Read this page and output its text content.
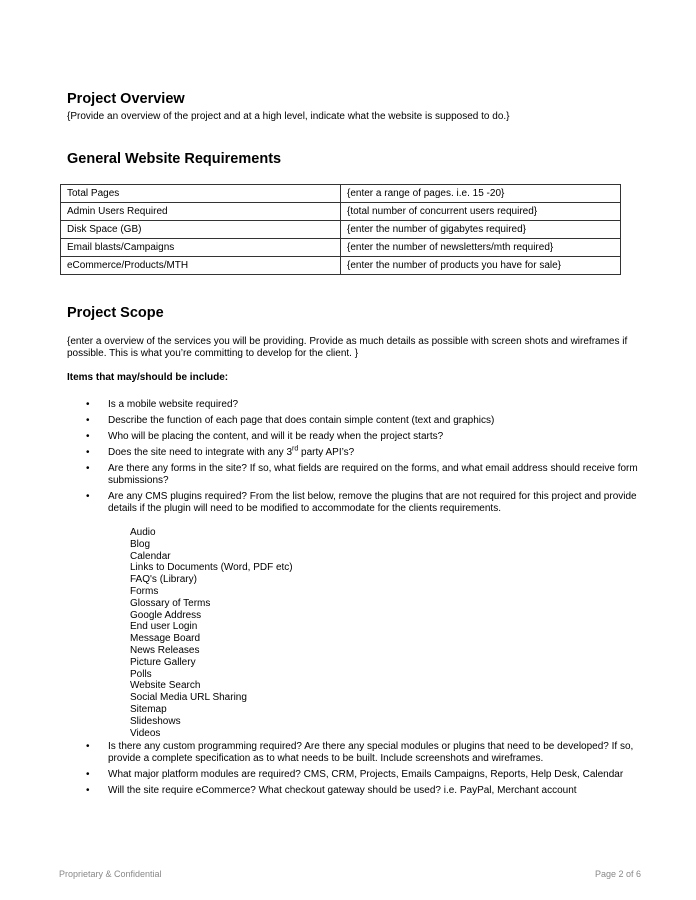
Project Overview

{Provide an overview of the project and at a high level, indicate what the website is supposed to do.}

General Website Requirements
Total Pages	{enter a range of pages. i.e. 15 -20}
Admin Users Required	{total number of concurrent users required}
Disk Space (GB)	{enter the number of gigabytes required}
Email blasts/Campaigns	{enter the number of newsletters/mth required}
eCommerce/Products/MTH	{enter the number of products you have for sale}
Project Scope

{enter a overview of the services you will be providing. Provide as much details as possible with screen shots and wireframes if possible. This is what you’re committing to develop for the client. }

Items that may/should be include:

• Is a mobile website required?
• Describe the function of each page that does contain simple content (text and graphics)
• Who will be placing the content, and will it be ready when the project starts?
• Does the site need to integrate with any 3rd party API’s?
• Are there any forms in the site? If so, what fields are required on the forms, and what email address should receive form submissions?
• Are any CMS plugins required? From the list below, remove the plugins that are not required for this project and provide details if the plugin will need to be modified to accommodate for the clients requirements.
Audio
Blog
Calendar
Links to Documents (Word, PDF etc)
FAQ's (Library)
Forms
Glossary of Terms
Google Address
End user Login
Message Board
News Releases
Picture Gallery
Polls
Website Search
Social Media URL Sharing
Sitemap
Slideshows
Videos
• Is there any custom programming required? Are there any special modules or plugins that need to be developed? If so, provide a complete specification as to what needs to be built. Include screenshots and wireframes.
• What major platform modules are required? CMS, CRM, Projects, Emails Campaigns, Reports, Help Desk, Calendar
• Will the site require eCommerce? What checkout gateway should be used? i.e. PayPal, Merchant account
Proprietary & Confidential	Page 2 of 6
